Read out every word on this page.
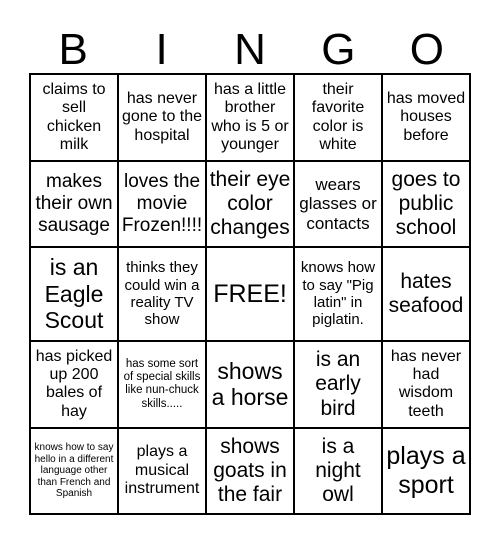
B	I	N	G	O
claims to sell chicken milk	has never gone to the hospital	has a little brother who is 5 or younger	their favorite color is white	has moved houses before
makes their own sausage	loves the movie Frozen!!!!	their eye color changes	wears glasses or contacts	goes to public school
is an Eagle Scout	thinks they could win a reality TV show	FREE!	knows how to say "Pig latin" in piglatin.	hates seafood
has picked up 200 bales of hay	has some sort of special skills like nun-chuck skills.....	shows a horse	is an early bird	has never had wisdom teeth
knows how to say hello in a different language other than French and Spanish	plays a musical instrument	shows goats in the fair	is a night owl	plays a sport
